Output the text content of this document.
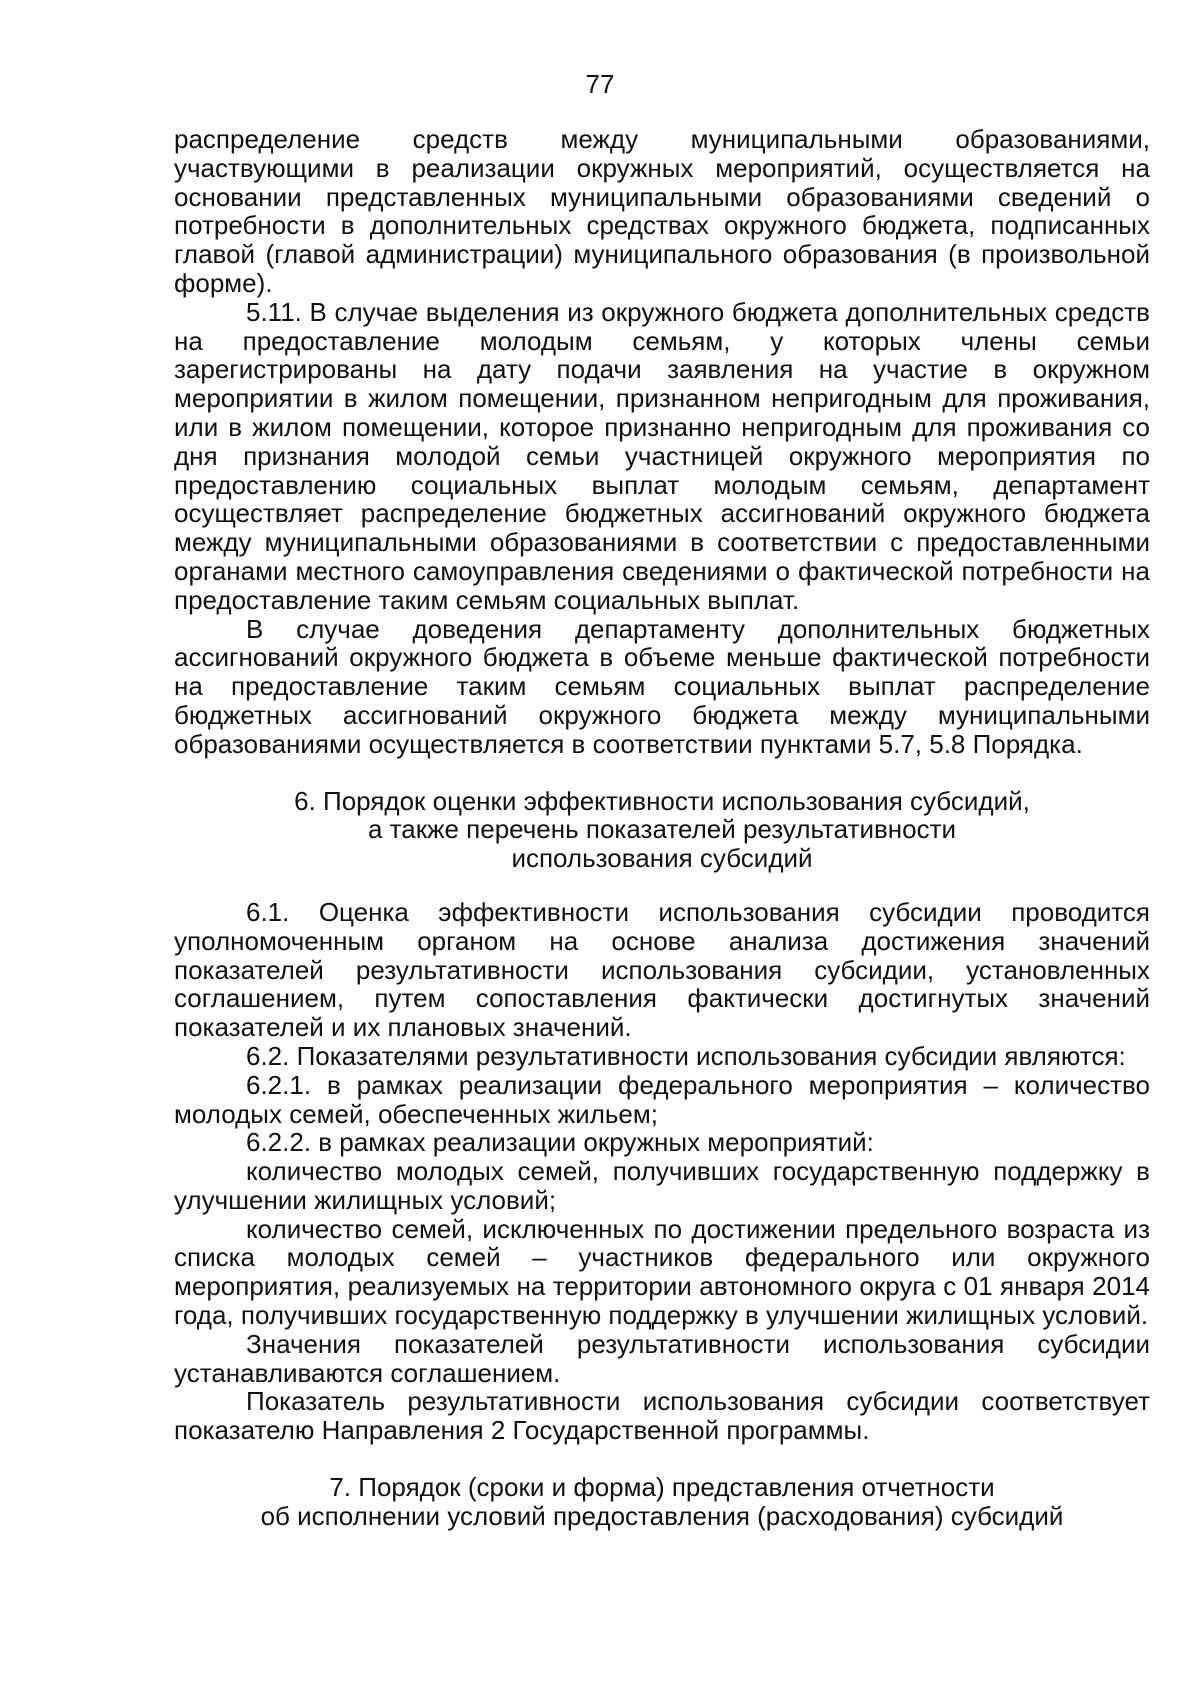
77

распределение средств между муниципальными образованиями, участвующими в реализации окружных мероприятий, осуществляется на основании представленных муниципальными образованиями сведений о потребности в дополнительных средствах окружного бюджета, подписанных главой (главой администрации) муниципального образования (в произвольной форме).

5.11. В случае выделения из окружного бюджета дополнительных средств на предоставление молодым семьям, у которых члены семьи зарегистрированы на дату подачи заявления на участие в окружном мероприятии в жилом помещении, признанном непригодным для проживания, или в жилом помещении, которое признанно непригодным для проживания со дня признания молодой семьи участницей окружного мероприятия по предоставлению социальных выплат молодым семьям, департамент осуществляет распределение бюджетных ассигнований окружного бюджета между муниципальными образованиями в соответствии с предоставленными органами местного самоуправления сведениями о фактической потребности на предоставление таким семьям социальных выплат.

В случае доведения департаменту дополнительных бюджетных ассигнований окружного бюджета в объеме меньше фактической потребности на предоставление таким семьям социальных выплат распределение бюджетных ассигнований окружного бюджета между муниципальными образованиями осуществляется в соответствии пунктами 5.7, 5.8 Порядка.

6. Порядок оценки эффективности использования субсидий,

а также перечень показателей результативности

использования субсидий

6.1. Оценка эффективности использования субсидии проводится уполномоченным органом на основе анализа достижения значений показателей результативности использования субсидии, установленных соглашением, путем сопоставления фактически достигнутых значений показателей и их плановых значений.

6.2. Показателями результативности использования субсидии являются:

6.2.1. в рамках реализации федерального мероприятия – количество молодых семей, обеспеченных жильем;

6.2.2. в рамках реализации окружных мероприятий:

количество молодых семей, получивших государственную поддержку в улучшении жилищных условий;

количество семей, исключенных по достижении предельного возраста из списка молодых семей – участников федерального или окружного мероприятия, реализуемых на территории автономного округа с 01 января 2014 года, получивших государственную поддержку в улучшении жилищных условий.

Значения показателей результативности использования субсидии устанавливаются соглашением.

Показатель результативности использования субсидии соответствует показателю Направления 2 Государственной программы.

7. Порядок (сроки и форма) представления отчетности

об исполнении условий предоставления (расходования) субсидий
